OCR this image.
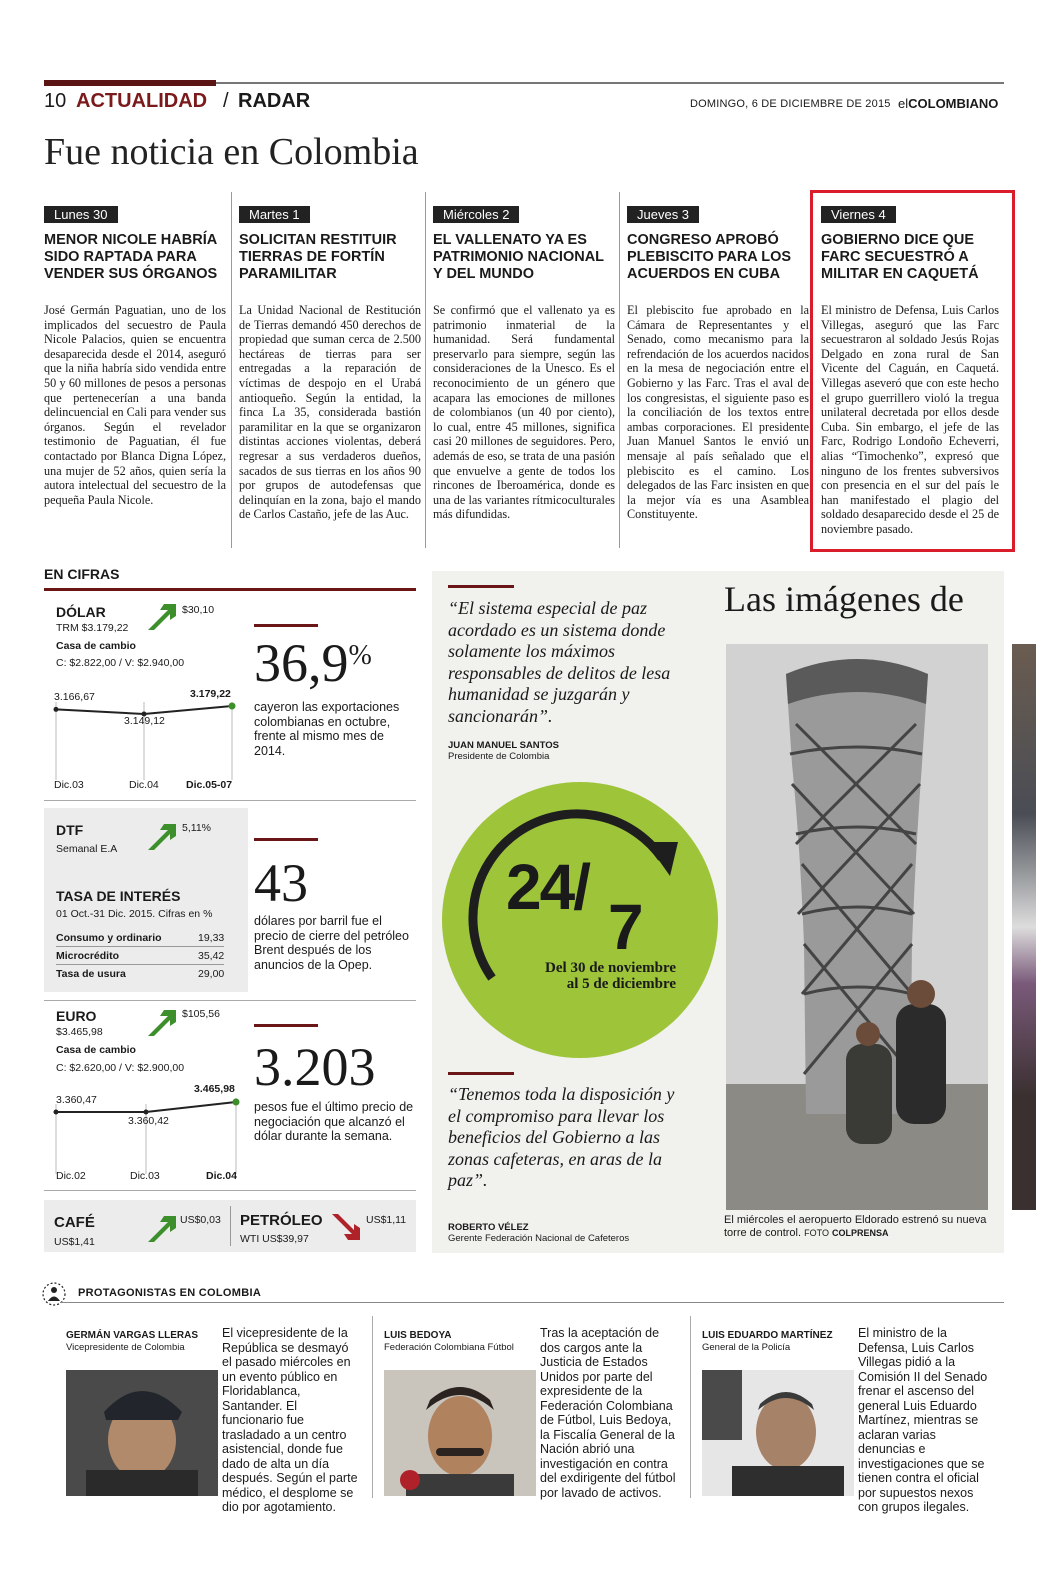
10 ACTUALIDAD / RADAR	DOMINGO, 6 DE DICIEMBRE DE 2015 elCOLOMBIANO
Fue noticia en Colombia
Lunes 30
MENOR NICOLE HABRÍA SIDO RAPTADA PARA VENDER SUS ÓRGANOS

José Germán Paguatian, uno de los implicados del secuestro de Paula Nicole Palacios, quien se encuentra desaparecida desde el 2014, aseguró que la niña habría sido vendida entre 50 y 60 millones de pesos a personas que pertenecerían a una banda delincuencial en Cali para vender sus órganos. Según el revelador testimonio de Paguatian, él fue contactado por Blanca Digna López, una mujer de 52 años, quien sería la autora intelectual del secuestro de la pequeña Paula Nicole.

Martes 1
SOLICITAN RESTITUIR TIERRAS DE FORTÍN PARAMILITAR

La Unidad Nacional de Restitución de Tierras demandó 450 derechos de propiedad que suman cerca de 2.500 hectáreas de tierras para ser entregadas a la reparación de víctimas de despojo en el Urabá antioqueño. Según la entidad, la finca La 35, considerada bastión paramilitar en la que se organizaron distintas acciones violentas, deberá regresar a sus verdaderos dueños, sacados de sus tierras en los años 90 por grupos de autodefensas que delinquían en la zona, bajo el mando de Carlos Castaño, jefe de las Auc.

Miércoles 2
EL VALLENATO YA ES PATRIMONIO NACIONAL Y DEL MUNDO

Se confirmó que el vallenato ya es patrimonio inmaterial de la humanidad. Será fundamental preservarlo para siempre, según las consideraciones de la Unesco. Es el reconocimiento de un género que acapara las emociones de millones de colombianos (un 40 por ciento), lo cual, entre 45 millones, significa casi 20 millones de seguidores. Pero, además de eso, se trata de una pasión que envuelve a gente de todos los rincones de Iberoamérica, donde es una de las variantes rítmicoculturales más difundidas.

Jueves 3
CONGRESO APROBÓ PLEBISCITO PARA LOS ACUERDOS EN CUBA

El plebiscito fue aprobado en la Cámara de Representantes y el Senado, como mecanismo para la refrendación de los acuerdos nacidos en la mesa de negociación entre el Gobierno y las Farc. Tras el aval de los congresistas, el siguiente paso es la conciliación de los textos entre ambas corporaciones. El presidente Juan Manuel Santos le envió un mensaje al país señalado que el plebiscito es el camino. Los delegados de las Farc insisten en que la mejor vía es una Asamblea Constituyente.

Viernes 4
GOBIERNO DICE QUE FARC SECUESTRÓ A MILITAR EN CAQUETÁ

El ministro de Defensa, Luis Carlos Villegas, aseguró que las Farc secuestraron al soldado Jesús Rojas Delgado en zona rural de San Vicente del Caguán, en Caquetá. Villegas aseveró que con este hecho el grupo guerrillero violó la tregua unilateral decretada por ellos desde Cuba. Sin embargo, el jefe de las Farc, Rodrigo Londoño Echeverri, alias “Timochenko”, expresó que ninguno de los frentes subversivos con presencia en el sur del país le han manifestado el plagio del soldado desaparecido desde el 25 de noviembre pasado.

EN CIFRAS
DÓLAR	$30,10
TRM $3.179,22
Casa de cambio
C: $2.822,00 / V: $2.940,00
3.166,67
3.149,12
3.179,22
Dic.03	Dic.04	Dic.05-07
DTF	5,11%
Semanal E.A
TASA DE INTERÉS
01 Oct.-31 Dic. 2015. Cifras en %
Consumo y ordinario	19,33
Microcrédito	35,42
Tasa de usura	29,00
EURO
$3.465,98
$105,56
Casa de cambio
C: $2.620,00 / V: $2.900,00
3.360,47
3.360,42
3.465,98
Dic.02	Dic.03	Dic.04
CAFÉ
US$1,41
US$0,03 PETRÓLEO
WTI US$39,97
US$1,11
36,9%
cayeron las exportaciones colombianas en octubre, frente al mismo mes de 2014.
43
dólares por barril fue el precio de cierre del petróleo Brent después de los anuncios de la Opep.
3.203
pesos fue el último precio de negociación que alcanzó el dólar durante la semana.
“El sistema especial de paz acordado es un sistema donde solamente los máximos responsables de delitos de lesa humanidad se juzgarán y sancionarán”.
JUAN MANUEL SANTOS
Presidente de Colombia
24/
7
Del 30 de noviembre
al 5 de diciembre
“Tenemos toda la disposición y el compromiso para llevar los beneficios del Gobierno a las zonas cafeteras, en aras de la paz”.
ROBERTO VÉLEZ
Gerente Federación Nacional de Cafeteros
Las imágenes de
El miércoles el aeropuerto Eldorado estrenó su nueva torre de control. FOTO COLPRENSA
PROTAGONISTAS EN COLOMBIA
GERMÁN VARGAS LLERAS
Vicepresidente de Colombia
El vicepresidente de la República se desmayó el pasado miércoles en un evento público en Floridablanca, Santander. El funcionario fue trasladado a un centro asistencial, donde fue dado de alta un día después. Según el parte médico, el desplome se dio por agotamiento.
LUIS BEDOYA
Federación Colombiana Fútbol
Tras la aceptación de dos cargos ante la Justicia de Estados Unidos por parte del expresidente de la Federación Colombiana de Fútbol, Luis Bedoya, la Fiscalía General de la Nación abrió una investigación en contra del exdirigente del fútbol por lavado de activos.
LUIS EDUARDO MARTÍNEZ
General de la Policía
El ministro de la Defensa, Luis Carlos Villegas pidió a la Comisión II del Senado frenar el ascenso del general Luis Eduardo Martínez, mientras se aclaran varias denuncias e investigaciones que se tienen contra el oficial por supuestos nexos con grupos ilegales.
